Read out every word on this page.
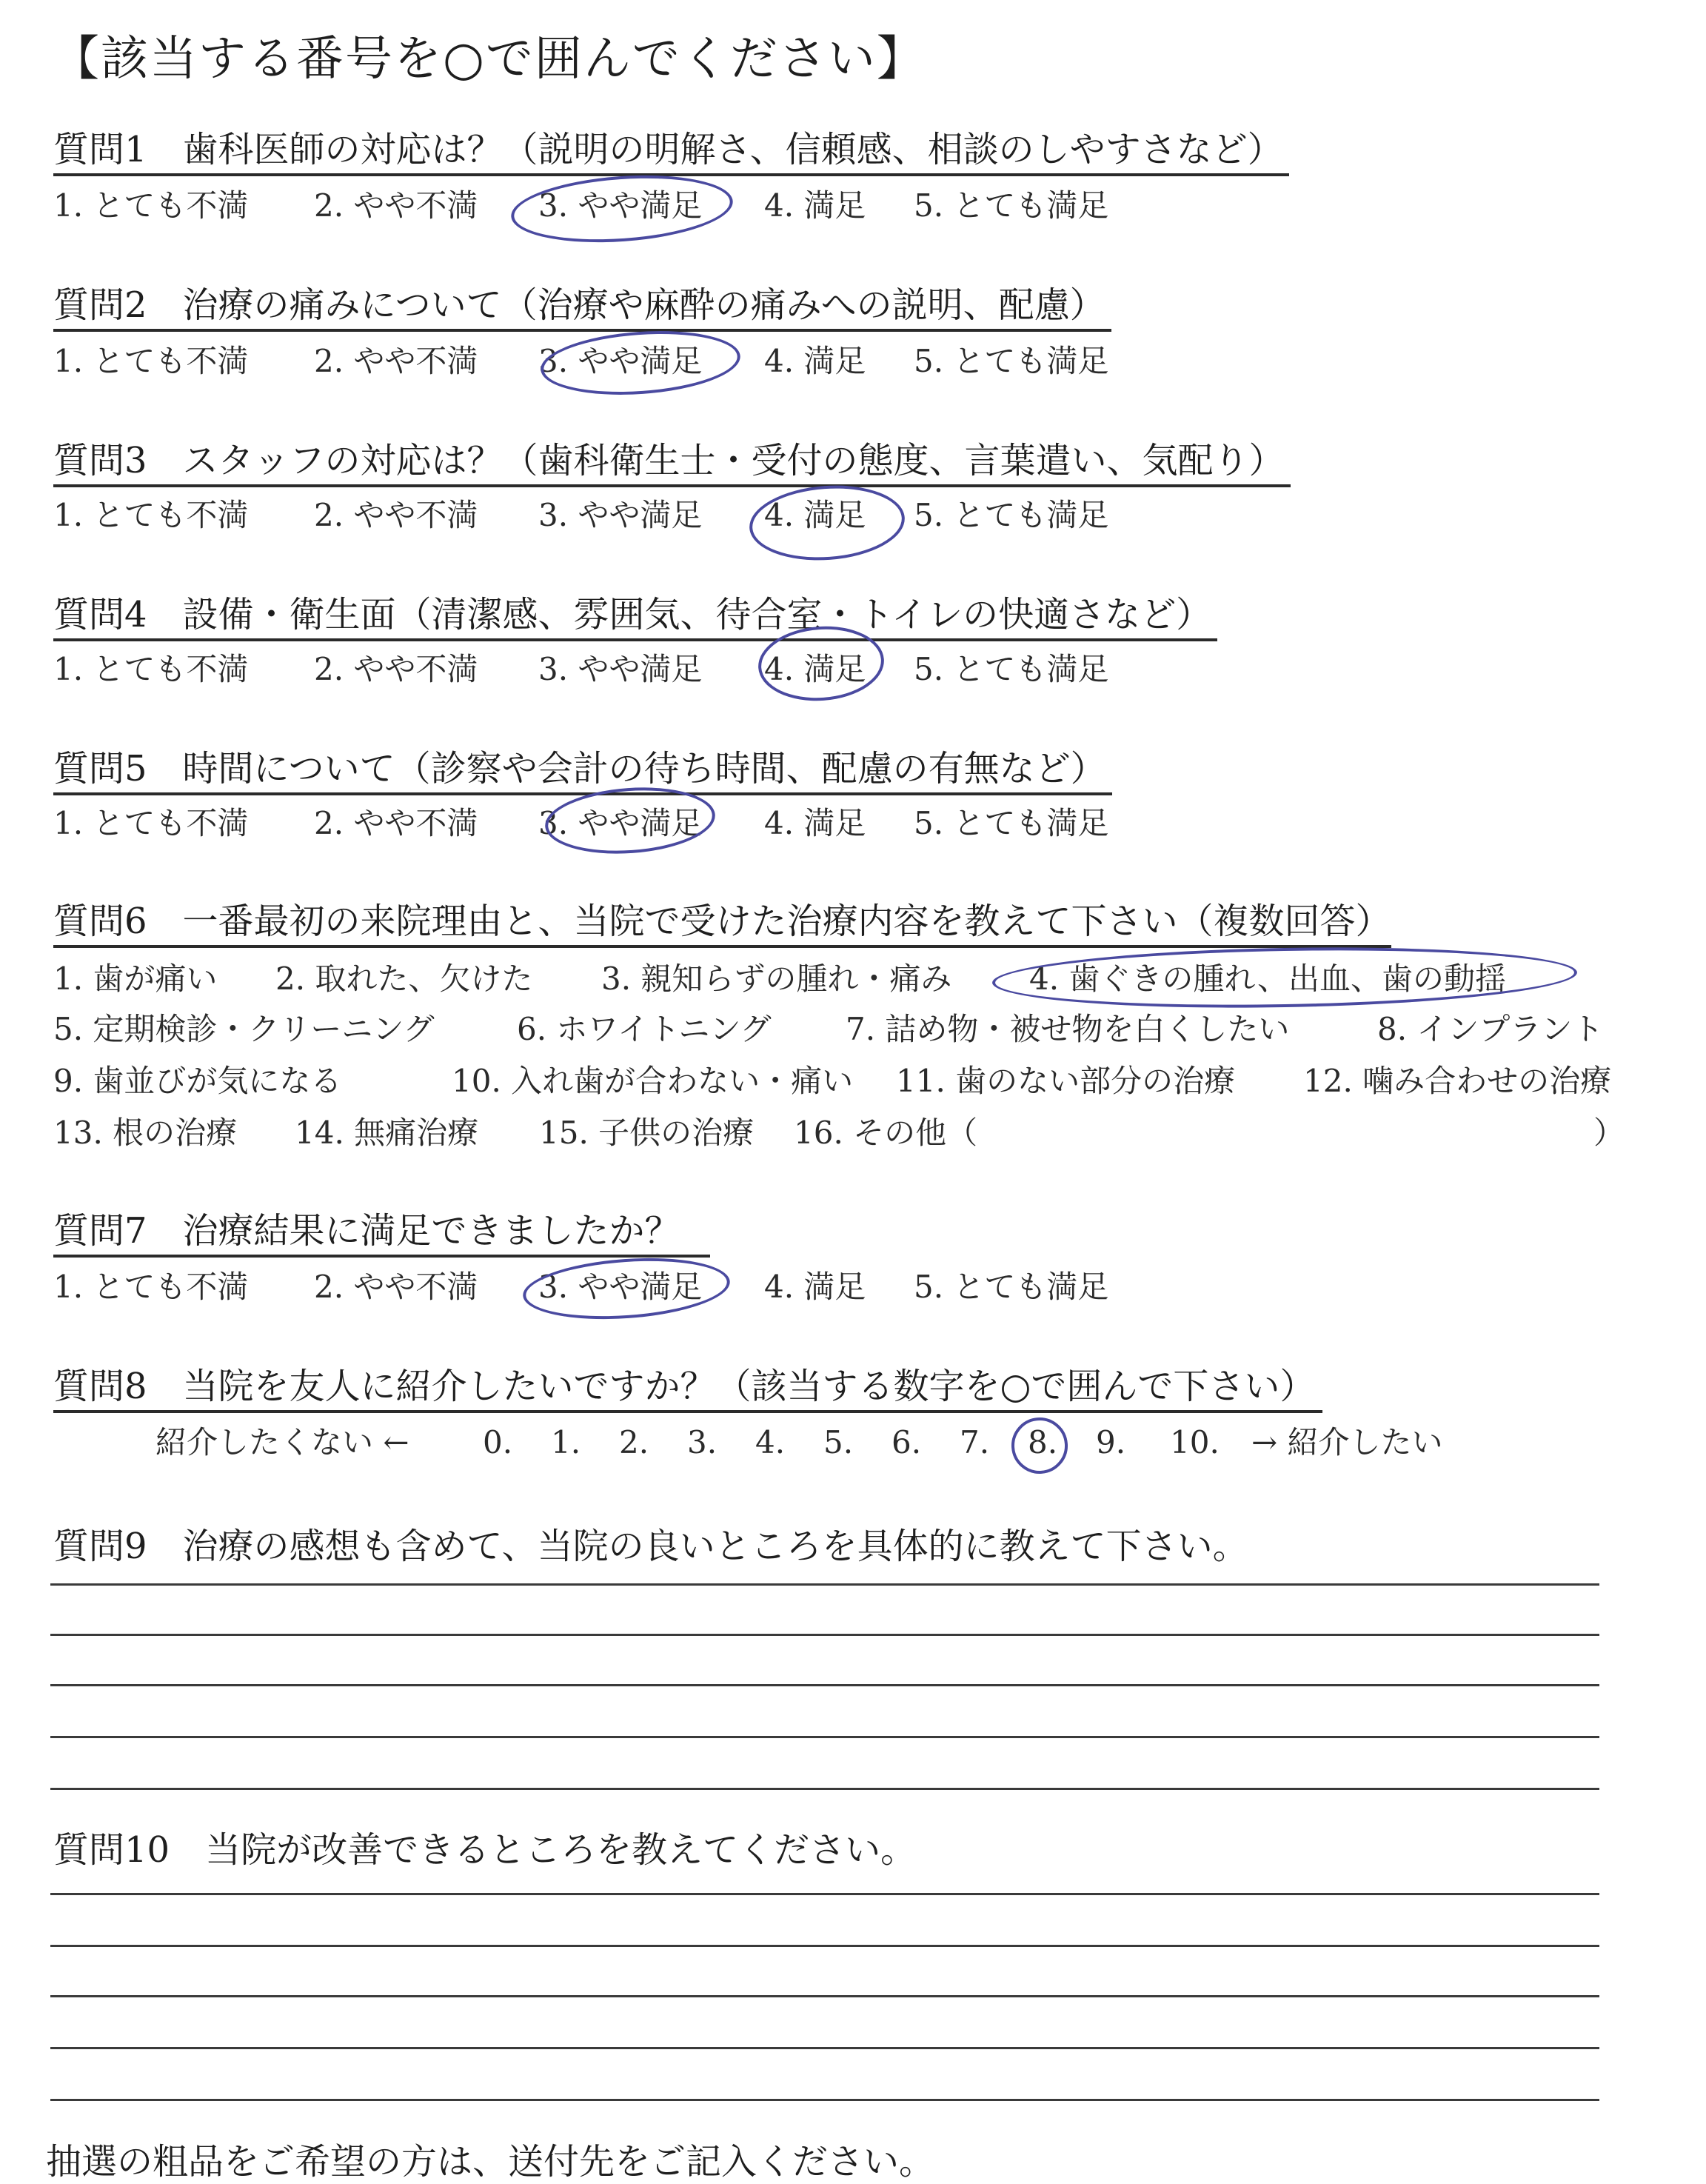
【該当する番号を○で囲んでください】
質問1　歯科医師の対応は？（説明の明解さ、信頼感、相談のしやすさなど）
1. とても不満 2. やや不満 3. やや満足 4. 満足 5. とても満足
質問2　治療の痛みについて（治療や麻酔の痛みへの説明、配慮）
1. とても不満 2. やや不満 3. やや満足 4. 満足 5. とても満足
質問3　スタッフの対応は？（歯科衛生士・受付の態度、言葉遣い、気配り）
1. とても不満 2. やや不満 3. やや満足 4. 満足 5. とても満足
質問4　設備・衛生面（清潔感、雰囲気、待合室・トイレの快適さなど）
1. とても不満 2. やや不満 3. やや満足 4. 満足 5. とても満足
質問5　時間について（診察や会計の待ち時間、配慮の有無など）
1. とても不満 2. やや不満 3. やや満足 4. 満足 5. とても満足
質問6　一番最初の来院理由と、当院で受けた治療内容を教えて下さい（複数回答）
1. 歯が痛い 2. 取れた、欠けた 3. 親知らずの腫れ・痛み 4. 歯ぐきの腫れ、出血、歯の動揺
5. 定期検診・クリーニング	6. ホワイトニング 7. 詰め物・被せ物を白くしたい	8. インプラント
9. 歯並びが気になる	10. 入れ歯が合わない・痛い 11. 歯のない部分の治療 12. 噛み合わせの治療
13. 根の治療 14. 無痛治療 15. 子供の治療 16. その他（	）
質問7　治療結果に満足できましたか？
1. とても不満 2. やや不満 3. やや満足 4. 満足 5. とても満足
質問8　当院を友人に紹介したいですか？（該当する数字を○で囲んで下さい）
紹介したくない ← 0. 1. 2. 3. 4. 5. 6. 7. 8. 9. 10. → 紹介したい
質問9　治療の感想も含めて、当院の良いところを具体的に教えて下さい。
質問10　当院が改善できるところを教えてください。
抽選の粗品をご希望の方は、送付先をご記入ください。
